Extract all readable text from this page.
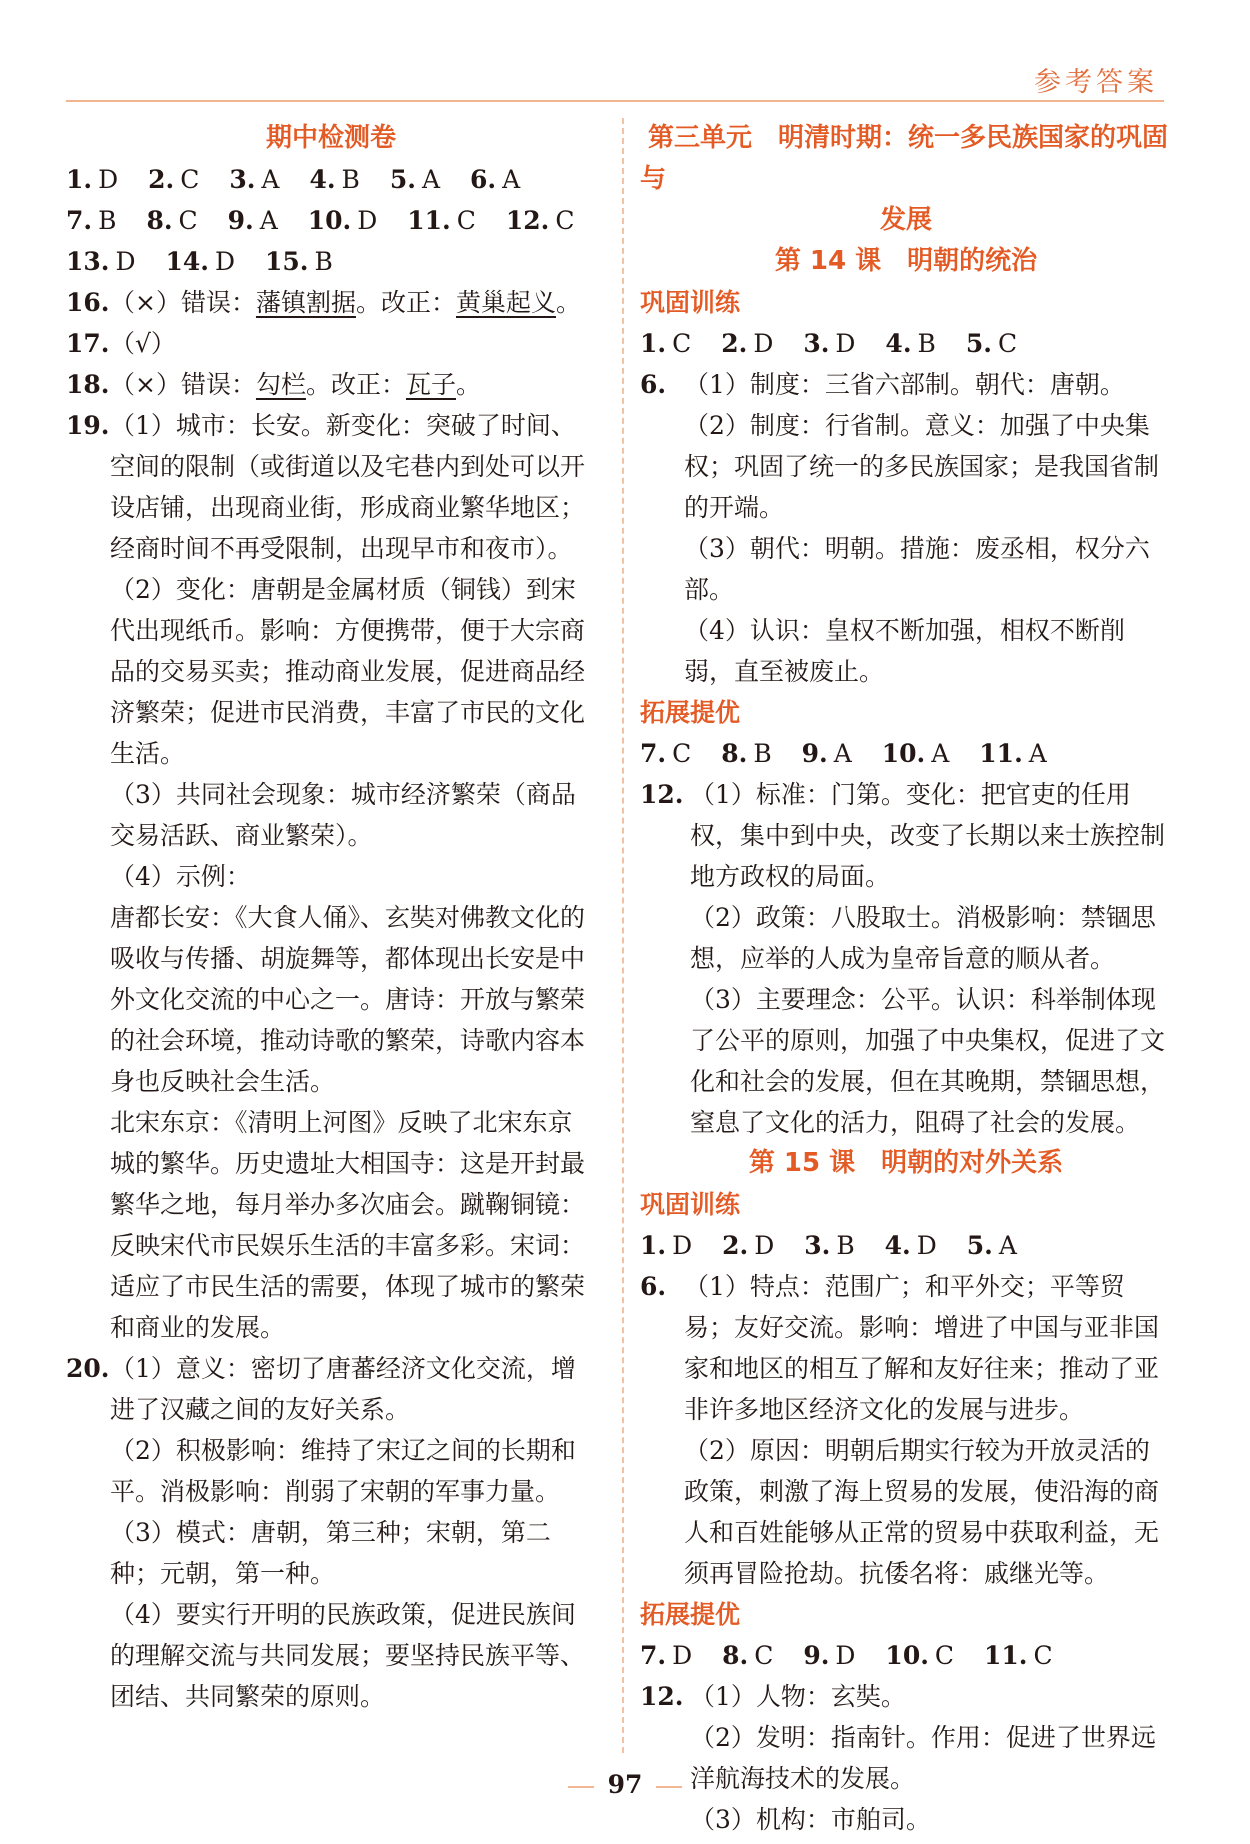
参考答案
期中检测卷
1. D 2. C 3. A 4. B 5. A 6. A
7. B 8. C 9. A 10. D 11. C 12. C
13. D 14. D 15. B
16. （×）错误：藩镇割据。改正：黄巢起义。
17. （√）
18. （×）错误：勾栏。改正：瓦子。
19. （1）城市：长安。新变化：突破了时间、空间的限制（或街道以及宅巷内到处可以开设店铺，出现商业街，形成商业繁华地区；经商时间不再受限制，出现早市和夜市）。
（2）变化：唐朝是金属材质（铜钱）到宋代出现纸币。影响：方便携带，便于大宗商品的交易买卖；推动商业发展，促进商品经济繁荣；促进市民消费，丰富了市民的文化生活。
（3）共同社会现象：城市经济繁荣（商品交易活跃、商业繁荣）。
（4）示例：
唐都长安：《大食人俑》、玄奘对佛教文化的吸收与传播、胡旋舞等，都体现出长安是中外文化交流的中心之一。唐诗：开放与繁荣的社会环境，推动诗歌的繁荣，诗歌内容本身也反映社会生活。
北宋东京：《清明上河图》反映了北宋东京城的繁华。历史遗址大相国寺：这是开封最繁华之地，每月举办多次庙会。蹴鞠铜镜：反映宋代市民娱乐生活的丰富多彩。宋词：适应了市民生活的需要，体现了城市的繁荣和商业的发展。
20. （1）意义：密切了唐蕃经济文化交流，增进了汉藏之间的友好关系。
（2）积极影响：维持了宋辽之间的长期和平。消极影响：削弱了宋朝的军事力量。
（3）模式：唐朝，第三种；宋朝，第二种；元朝，第一种。
（4）要实行开明的民族政策，促进民族间的理解交流与共同发展；要坚持民族平等、团结、共同繁荣的原则。
第三单元　明清时期：统一多民族国家的巩固与
发展
第 14 课　明朝的统治
巩固训练
1. C 2. D 3. D 4. B 5. C
6. （1）制度：三省六部制。朝代：唐朝。
（2）制度：行省制。意义：加强了中央集权；巩固了统一的多民族国家；是我国省制的开端。
（3）朝代：明朝。措施：废丞相，权分六部。
（4）认识：皇权不断加强，相权不断削弱，直至被废止。
拓展提优
7. C 8. B 9. A 10. A 11. A
12. （1）标准：门第。变化：把官吏的任用权，集中到中央，改变了长期以来士族控制地方政权的局面。
（2）政策：八股取士。消极影响：禁锢思想，应举的人成为皇帝旨意的顺从者。
（3）主要理念：公平。认识：科举制体现了公平的原则，加强了中央集权，促进了文化和社会的发展，但在其晚期，禁锢思想，窒息了文化的活力，阻碍了社会的发展。
第 15 课　明朝的对外关系
巩固训练
1. D 2. D 3. B 4. D 5. A
6. （1）特点：范围广；和平外交；平等贸易；友好交流。影响：增进了中国与亚非国家和地区的相互了解和友好往来；推动了亚非许多地区经济文化的发展与进步。
（2）原因：明朝后期实行较为开放灵活的政策，刺激了海上贸易的发展，使沿海的商人和百姓能够从正常的贸易中获取利益，无须再冒险抢劫。抗倭名将：戚继光等。
拓展提优
7. D 8. C 9. D 10. C 11. C
12. （1）人物：玄奘。
（2）发明：指南针。作用：促进了世界远洋航海技术的发展。
（3）机构：市舶司。
97
